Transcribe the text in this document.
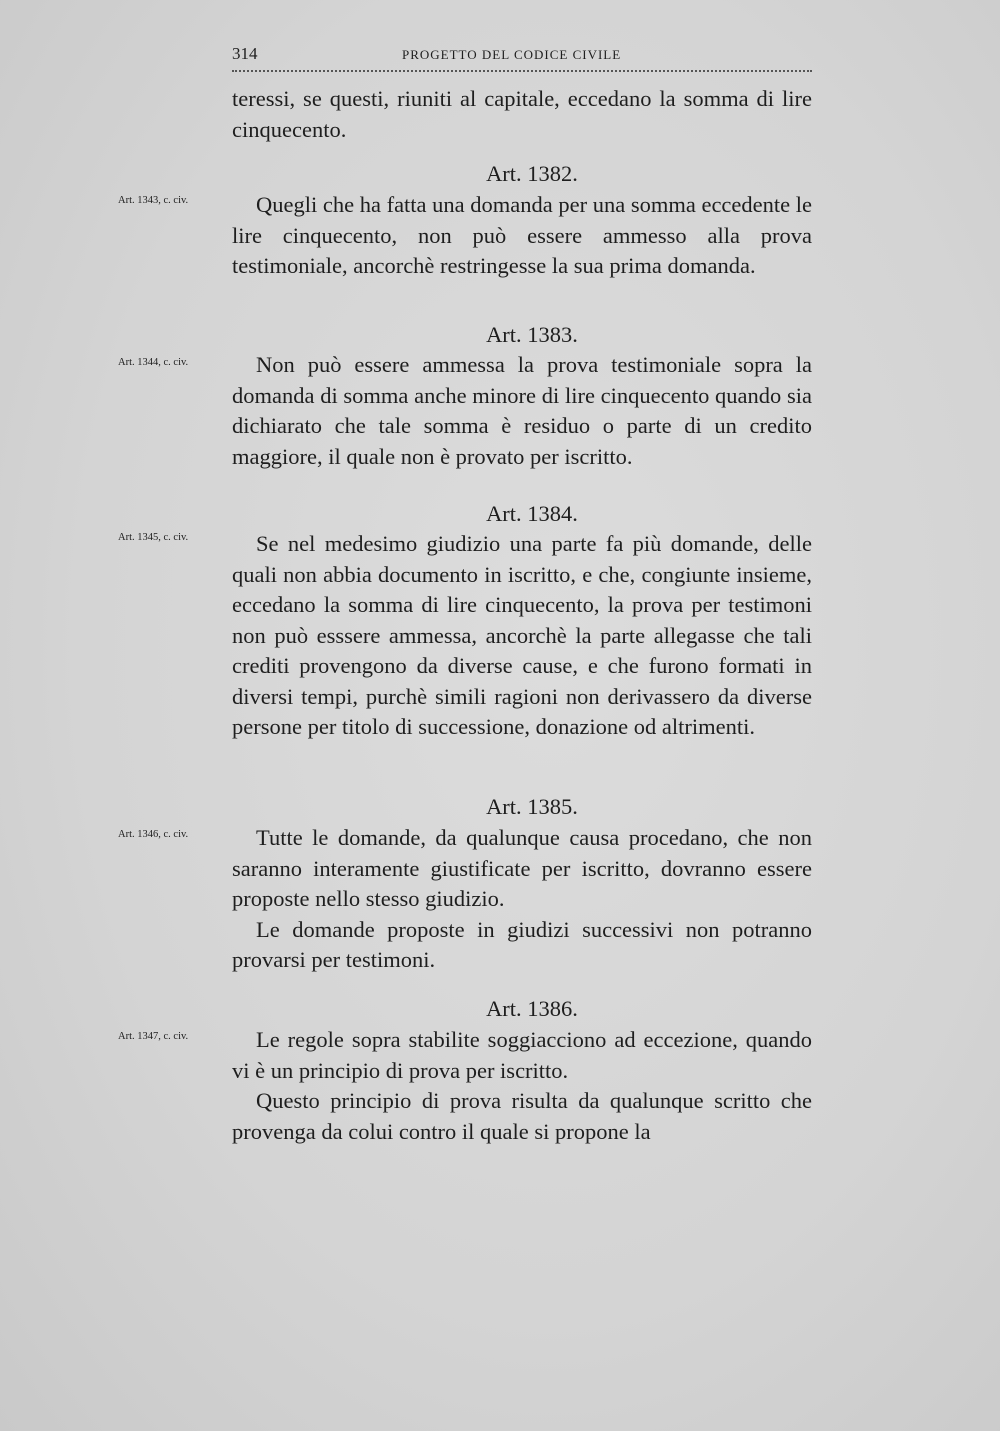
314	PROGETTO DEL CODICE CIVILE

teressi, se questi, riuniti al capitale, eccedano la somma di lire cinquecento.

Art. 1382.
Art. 1343, c. civ.	Quegli che ha fatta una domanda per una somma eccedente le lire cinquecento, non può essere ammesso alla prova testimoniale, ancorchè restringesse la sua prima domanda.

Art. 1383.
Art. 1344, c. civ.	Non può essere ammessa la prova testimoniale sopra la domanda di somma anche minore di lire cinquecento quando sia dichiarato che tale somma è residuo o parte di un credito maggiore, il quale non è provato per iscritto.

Art. 1384.
Art. 1345, c. civ.	Se nel medesimo giudizio una parte fa più domande, delle quali non abbia documento in iscritto, e che, congiunte insieme, eccedano la somma di lire cinquecento, la prova per testimoni non può esssere ammessa, ancorchè la parte allegasse che tali crediti provengono da diverse cause, e che furono formati in diversi tempi, purchè simili ragioni non derivassero da diverse persone per titolo di successione, donazione od altrimenti.

Art. 1385.
Art. 1346, c. civ.	Tutte le domande, da qualunque causa procedano, che non saranno interamente giustificate per iscritto, dovranno essere proposte nello stesso giudizio.

Le domande proposte in giudizi successivi non potranno provarsi per testimoni.

Art. 1386.
Art. 1347, c. civ.	Le regole sopra stabilite soggiacciono ad eccezione, quando vi è un principio di prova per iscritto.

Questo principio di prova risulta da qualunque scritto che provenga da colui contro il quale si propone la
